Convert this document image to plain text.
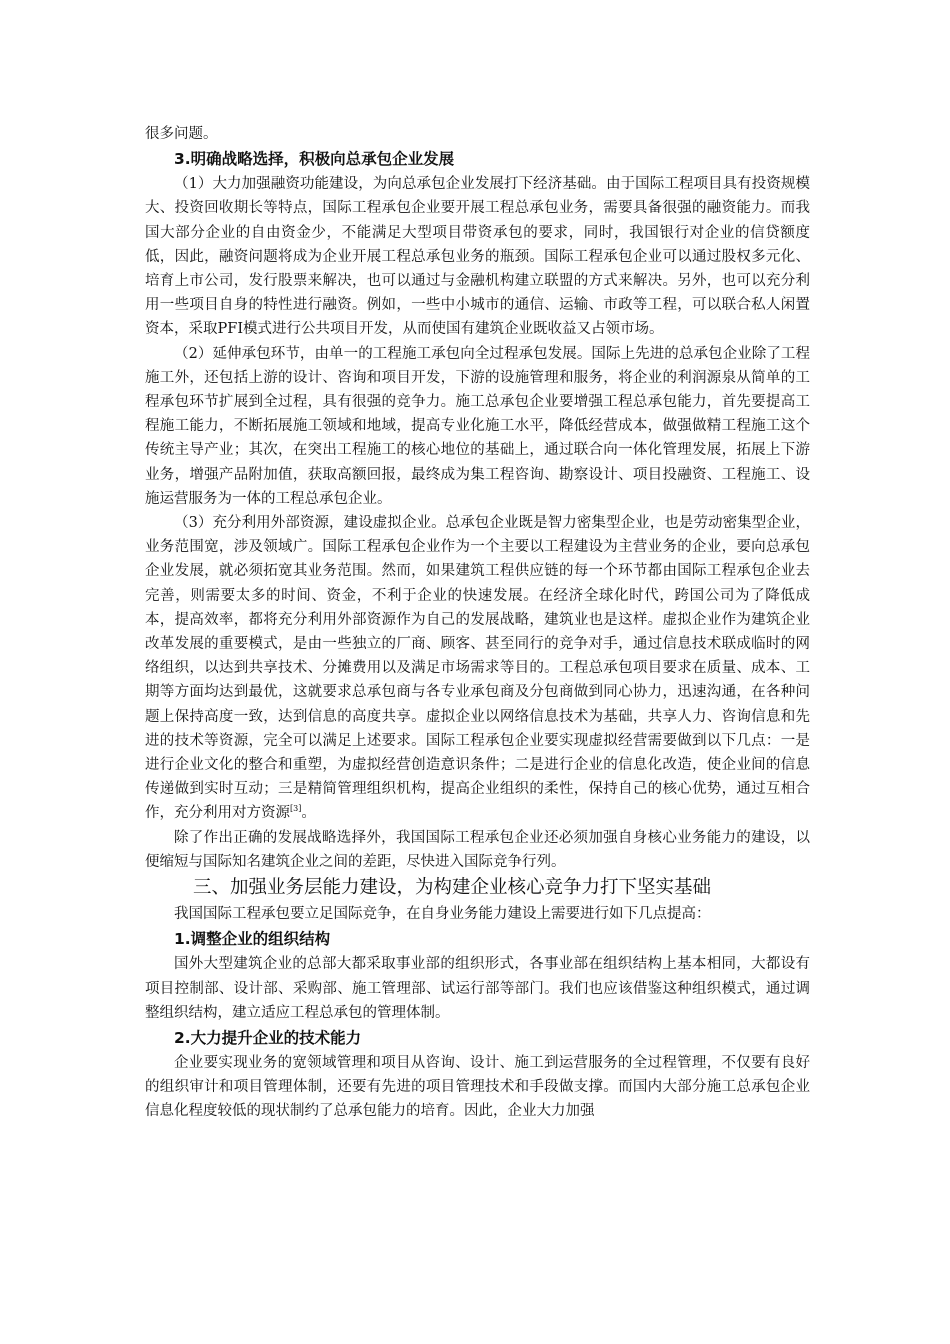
很多问题。

3.明确战略选择，积极向总承包企业发展

（1）大力加强融资功能建设，为向总承包企业发展打下经济基础。由于国际工程项目具有投资规模大、投资回收期长等特点，国际工程承包企业要开展工程总承包业务，需要具备很强的融资能力。而我国大部分企业的自由资金少，不能满足大型项目带资承包的要求，同时，我国银行对企业的信贷额度低，因此，融资问题将成为企业开展工程总承包业务的瓶颈。国际工程承包企业可以通过股权多元化、培育上市公司，发行股票来解决，也可以通过与金融机构建立联盟的方式来解决。另外，也可以充分利用一些项目自身的特性进行融资。例如，一些中小城市的通信、运输、市政等工程，可以联合私人闲置资本，采取PFI模式进行公共项目开发，从而使国有建筑企业既收益又占领市场。

（2）延伸承包环节，由单一的工程施工承包向全过程承包发展。国际上先进的总承包企业除了工程施工外，还包括上游的设计、咨询和项目开发，下游的设施管理和服务，将企业的利润源泉从简单的工程承包环节扩展到全过程，具有很强的竞争力。施工总承包企业要增强工程总承包能力，首先要提高工程施工能力，不断拓展施工领域和地域，提高专业化施工水平，降低经营成本，做强做精工程施工这个传统主导产业；其次，在突出工程施工的核心地位的基础上，通过联合向一体化管理发展，拓展上下游业务，增强产品附加值，获取高额回报，最终成为集工程咨询、勘察设计、项目投融资、工程施工、设施运营服务为一体的工程总承包企业。

（3）充分利用外部资源，建设虚拟企业。总承包企业既是智力密集型企业，也是劳动密集型企业，业务范围宽，涉及领域广。国际工程承包企业作为一个主要以工程建设为主营业务的企业，要向总承包企业发展，就必须拓宽其业务范围。然而，如果建筑工程供应链的每一个环节都由国际工程承包企业去完善，则需要太多的时间、资金，不利于企业的快速发展。在经济全球化时代，跨国公司为了降低成本，提高效率，都将充分利用外部资源作为自己的发展战略，建筑业也是这样。虚拟企业作为建筑企业改革发展的重要模式，是由一些独立的厂商、顾客、甚至同行的竞争对手，通过信息技术联成临时的网络组织，以达到共享技术、分摊费用以及满足市场需求等目的。工程总承包项目要求在质量、成本、工期等方面均达到最优，这就要求总承包商与各专业承包商及分包商做到同心协力，迅速沟通，在各种问题上保持高度一致，达到信息的高度共享。虚拟企业以网络信息技术为基础，共享人力、咨询信息和先进的技术等资源，完全可以满足上述要求。国际工程承包企业要实现虚拟经营需要做到以下几点：一是进行企业文化的整合和重塑，为虚拟经营创造意识条件；二是进行企业的信息化改造，使企业间的信息传递做到实时互动；三是精简管理组织机构，提高企业组织的柔性，保持自己的核心优势，通过互相合作，充分利用对方资源[3]。

除了作出正确的发展战略选择外，我国国际工程承包企业还必须加强自身核心业务能力的建设，以便缩短与国际知名建筑企业之间的差距，尽快进入国际竞争行列。

三、加强业务层能力建设，为构建企业核心竞争力打下坚实基础

我国国际工程承包要立足国际竞争，在自身业务能力建设上需要进行如下几点提高：

1.调整企业的组织结构

国外大型建筑企业的总部大都采取事业部的组织形式，各事业部在组织结构上基本相同，大都设有项目控制部、设计部、采购部、施工管理部、试运行部等部门。我们也应该借鉴这种组织模式，通过调整组织结构，建立适应工程总承包的管理体制。

2.大力提升企业的技术能力

企业要实现业务的宽领域管理和项目从咨询、设计、施工到运营服务的全过程管理，不仅要有良好的组织审计和项目管理体制，还要有先进的项目管理技术和手段做支撑。而国内大部分施工总承包企业信息化程度较低的现状制约了总承包能力的培育。因此，企业大力加强
